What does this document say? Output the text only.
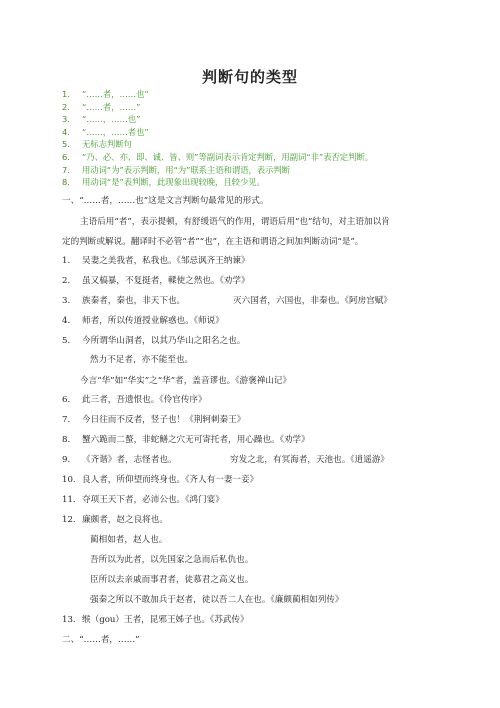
判断句的类型
1. “……者，……也”
2. “……者，……”
3. “……，……也”
4. “……，……者也”
5. 无标志判断句
6. “乃、必、亦、即、诚、皆、则”等副词表示肯定判断，用副词“非”表否定判断。
7. 用动词“为”表示判断，用“为”联系主语和谓语，表示判断
8. 用动词“是”表判断，此现象出现较晚，且较少见。
一、“……者，……也”这是文言判断句最常见的形式。
主语后用“者”，表示提顿，有舒缓语气的作用，谓语后用“也”结句，对主语加以肯
定的判断或解说。翻译时不必管“者”“也”，在主语和谓语之间加判断动词“是”。
1. 吴妻之美我者，私我也。《邹忌讽齐王纳谏》
2. 虽又槁暴，不复挺者，輮使之然也。《劝学》
3. 族秦者，秦也，非天下也。	灭六国者，六国也，非秦也。《阿房宫赋》
4. 师者，所以传道授业解惑也。《师说》
5. 今所谓华山洞者，以其乃华山之阳名之也。
然力不足者，亦不能至也。
今言“华”如“华实”之“华”者，盖音谬也。《游褒禅山记》
6. 此三者，吾遗恨也。《伶官传序》
7. 今日往而不反者，竖子也！《荆轲刺秦王》
8. 蟹六跪而二螯，非蛇鳝之穴无可寄托者，用心躁也。《劝学》
9. 《齐谐》者，志怪者也。	穷发之北，有冥海者，天池也。《逍遥游》
10. 良人者，所仰望而终身也。《齐人有一妻一妾》
11. 夺项王天下者，必沛公也。《鸿门宴》
12. 廉颇者，赵之良将也。
蔺相如者，赵人也。
吾所以为此者，以先国家之急而后私仇也。
臣所以去亲戚而事君者，徒慕君之高义也。
强秦之所以不敢加兵于赵者，徒以吾二人在也。《廉颇蔺相如列传》
13. 缑（gou）王者，昆邪王姊子也。《苏武传》
二、“……者，……”
